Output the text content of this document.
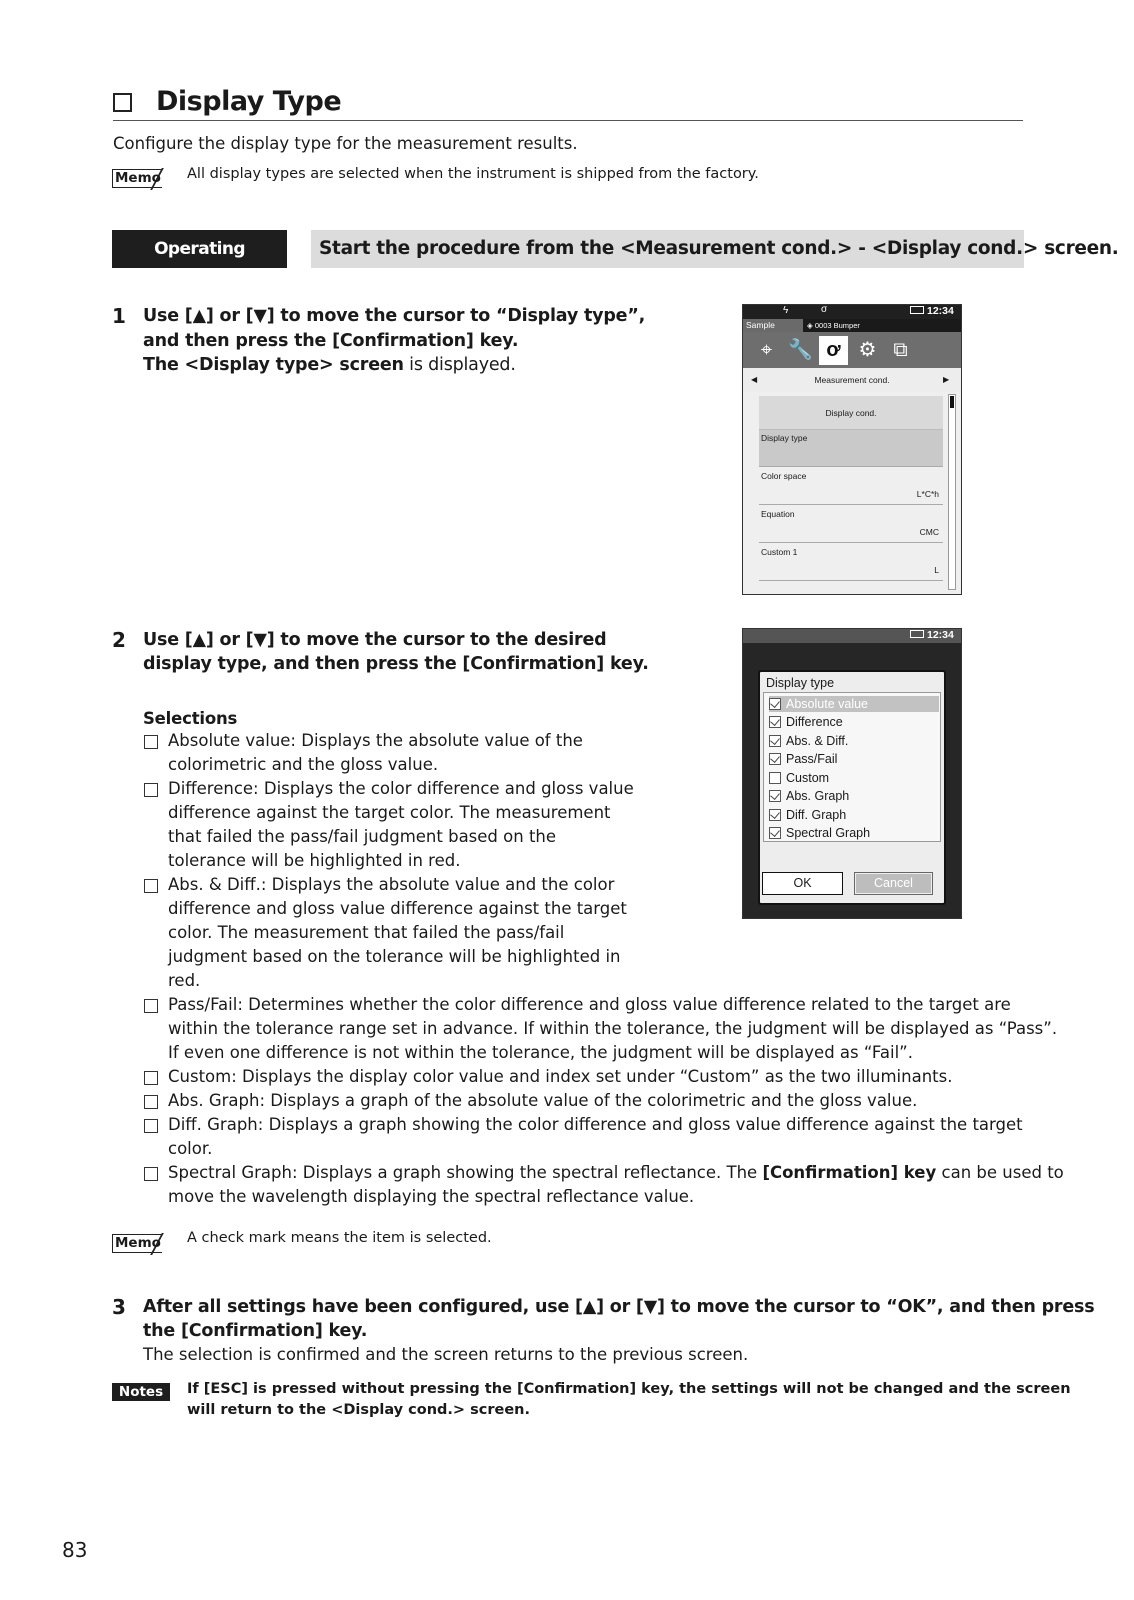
Display Type
Configure the display type for the measurement results.
Memo All display types are selected when the instrument is shipped from the factory.
Operating Procedure
Start the procedure from the <Measurement cond.> - <Display cond.> screen.
1 Use [▲] or [▼] to move the cursor to “Display type”,
and then press the [Confirmation] key.
The <Display type> screen is displayed.
ϟ	σ	12:34
Sample	◈ 0003 Bumper
⌖ 🔧 ơ ⚙ ⧉
◀	Measurement cond.	▶
Display cond.
Display type
Color space
L*C*h
Equation
CMC
Custom 1
L
2 Use [▲] or [▼] to move the cursor to the desired
display type, and then press the [Confirmation] key.
Selections
Absolute value: Displays the absolute value of the
colorimetric and the gloss value.
Difference: Displays the color difference and gloss value
difference against the target color. The measurement
that failed the pass/fail judgment based on the
tolerance will be highlighted in red.
Abs. & Diff.: Displays the absolute value and the color
difference and gloss value difference against the target
color. The measurement that failed the pass/fail
judgment based on the tolerance will be highlighted in
red.
Pass/Fail: Determines whether the color difference and gloss value difference related to the target are
within the tolerance range set in advance. If within the tolerance, the judgment will be displayed as “Pass”.
If even one difference is not within the tolerance, the judgment will be displayed as “Fail”.
Custom: Displays the display color value and index set under “Custom” as the two illuminants.
Abs. Graph: Displays a graph of the absolute value of the colorimetric and the gloss value.
Diff. Graph: Displays a graph showing the color difference and gloss value difference against the target
color.
Spectral Graph: Displays a graph showing the spectral reflectance. The [Confirmation] key can be used to
move the wavelength displaying the spectral reflectance value.
Memo A check mark means the item is selected.
12:34
Display type
Absolute value
Difference
Abs. & Diff.
Pass/Fail
Custom
Abs. Graph
Diff. Graph
Spectral Graph
OK	Cancel
3 After all settings have been configured, use [▲] or [▼] to move the cursor to “OK”, and then press
the [Confirmation] key.
The selection is confirmed and the screen returns to the previous screen.
Notes	If [ESC] is pressed without pressing the [Confirmation] key, the settings will not be changed and the screen
will return to the <Display cond.> screen.
83
